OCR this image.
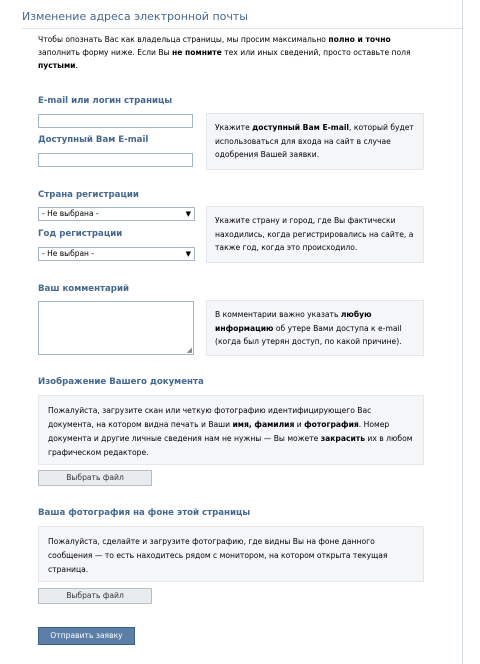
Изменение адреса электронной почты
Чтобы опознать Вас как владельца страницы, мы просим максимально полно и точно заполнить форму ниже. Если Вы не помните тех или иных сведений, просто оставьте поля пустыми.
E-mail или логин страницы
Доступный Вам E-mail
Укажите доступный Вам E-mail, который будет использоваться для входа на сайт в случае одобрения Вашей заявки.
Страна регистрации
- Не выбрана -	▼
Год регистрации
- Не выбран -	▼
Укажите страну и город, где Вы фактически находились, когда регистрировались на сайте, а также год, когда это происходило.
Ваш комментарий
◢
В комментарии важно указать любую информацию об утере Вами доступа к e-mail (когда был утерян доступ, по какой причине).
Изображение Вашего документа
Пожалуйста, загрузите скан или четкую фотографию идентифицирующего Вас документа, на котором видна печать и Ваши имя, фамилия и фотография. Номер документа и другие личные сведения нам не нужны — Вы можете закрасить их в любом графическом редакторе.
Выбрать файл
Ваша фотография на фоне этой страницы
Пожалуйста, сделайте и загрузите фотографию, где видны Вы на фоне данного сообщения — то есть находитесь рядом с монитором, на котором открыта текущая страница.
Выбрать файл
Отправить заявку
